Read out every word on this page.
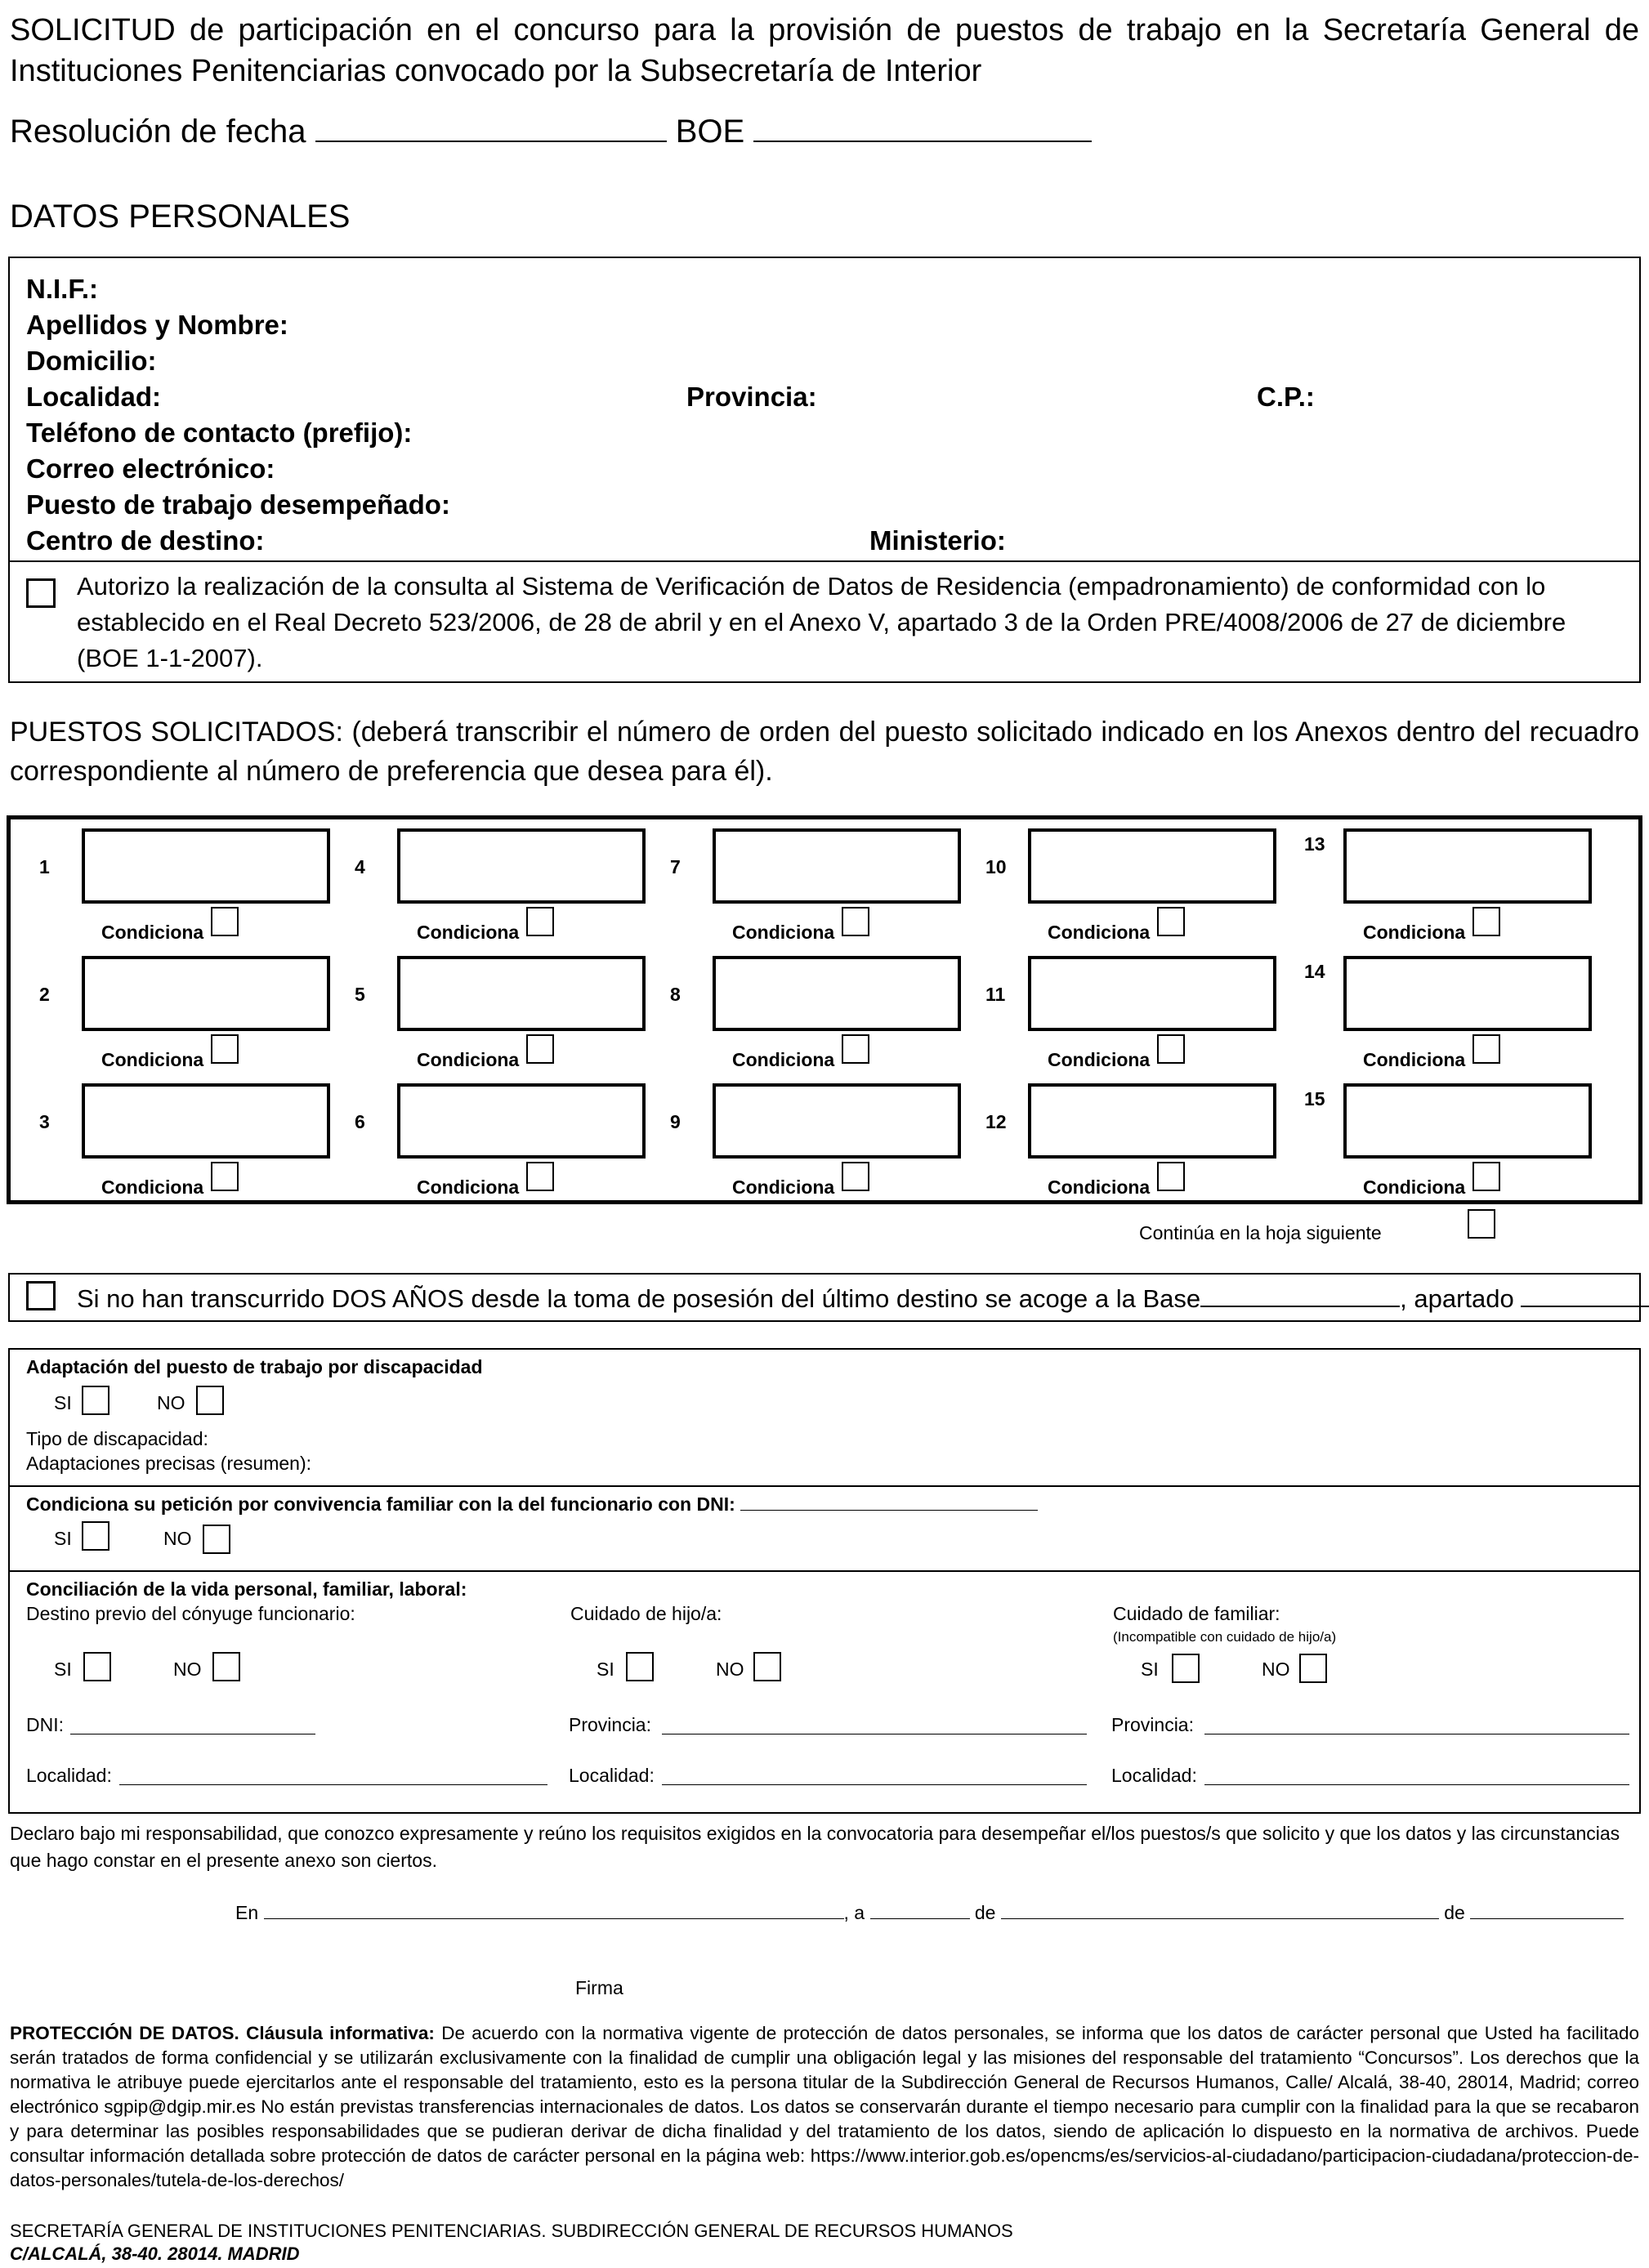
SOLICITUD de participación en el concurso para la provisión de puestos de trabajo en la Secretaría General de Instituciones Penitenciarias convocado por la Subsecretaría de Interior
Resolución de fecha	BOE
DATOS PERSONALES
N.I.F.:
Apellidos y Nombre:
Domicilio:
Localidad:	Provincia:	C.P.:
Teléfono de contacto (prefijo):
Correo electrónico:
Puesto de trabajo desempeñado:
Centro de destino:	Ministerio:
Autorizo la realización de la consulta al Sistema de Verificación de Datos de Residencia (empadronamiento) de conformidad con lo establecido en el Real Decreto 523/2006, de 28 de abril y en el Anexo V, apartado 3 de la Orden PRE/4008/2006 de 27 de diciembre (BOE 1-1-2007).
PUESTOS SOLICITADOS: (deberá transcribir el número de orden del puesto solicitado indicado en los Anexos dentro del recuadro correspondiente al número de preferencia que desea para él).
1
Condiciona
2
Condiciona
3
Condiciona
4
Condiciona
5
Condiciona
6
Condiciona
7
Condiciona
8
Condiciona
9
Condiciona
10
Condiciona
11
Condiciona
12
Condiciona
13
Condiciona
14
Condiciona
15
Condiciona
Continúa en la hoja siguiente
Si no han transcurrido DOS AÑOS desde la toma de posesión del último destino se acoge a la Base	, apartado
Adaptación del puesto de trabajo por discapacidad
SI	NO
Tipo de discapacidad:
Adaptaciones precisas (resumen):
Condiciona su petición por convivencia familiar con la del funcionario con DNI:
SI	NO
Conciliación de la vida personal, familiar, laboral:
Destino previo del cónyuge funcionario:	Cuidado de hijo/a:	Cuidado de familiar:
(Incompatible con cuidado de hijo/a)
SI	NO	SI	NO	SI	NO
DNI:	Provincia:	Provincia:
Localidad:	Localidad:	Localidad:
Declaro bajo mi responsabilidad, que conozco expresamente y reúno los requisitos exigidos en la convocatoria para desempeñar el/los puestos/s que solicito y que los datos y las circunstancias que hago constar en el presente anexo son ciertos.
En	, a	de	de
Firma
PROTECCIÓN DE DATOS. Cláusula informativa: De acuerdo con la normativa vigente de protección de datos personales, se informa que los datos de carácter personal que Usted ha facilitado serán tratados de forma confidencial y se utilizarán exclusivamente con la finalidad de cumplir una obligación legal y las misiones del responsable del tratamiento “Concursos”. Los derechos que la normativa le atribuye puede ejercitarlos ante el responsable del tratamiento, esto es la persona titular de la Subdirección General de Recursos Humanos, Calle/ Alcalá, 38-40, 28014, Madrid; correo electrónico sgpip@dgip.mir.es No están previstas transferencias internacionales de datos. Los datos se conservarán durante el tiempo necesario para cumplir con la finalidad para la que se recabaron y para determinar las posibles responsabilidades que se pudieran derivar de dicha finalidad y del tratamiento de los datos, siendo de aplicación lo dispuesto en la normativa de archivos. Puede consultar información detallada sobre protección de datos de carácter personal en la página web: https://www.interior.gob.es/opencms/es/servicios-al-ciudadano/participacion-ciudadana/proteccion-de-datos-personales/tutela-de-los-derechos/
SECRETARÍA GENERAL DE INSTITUCIONES PENITENCIARIAS. SUBDIRECCIÓN GENERAL DE RECURSOS HUMANOS
C/ALCALÁ, 38-40. 28014. MADRID
